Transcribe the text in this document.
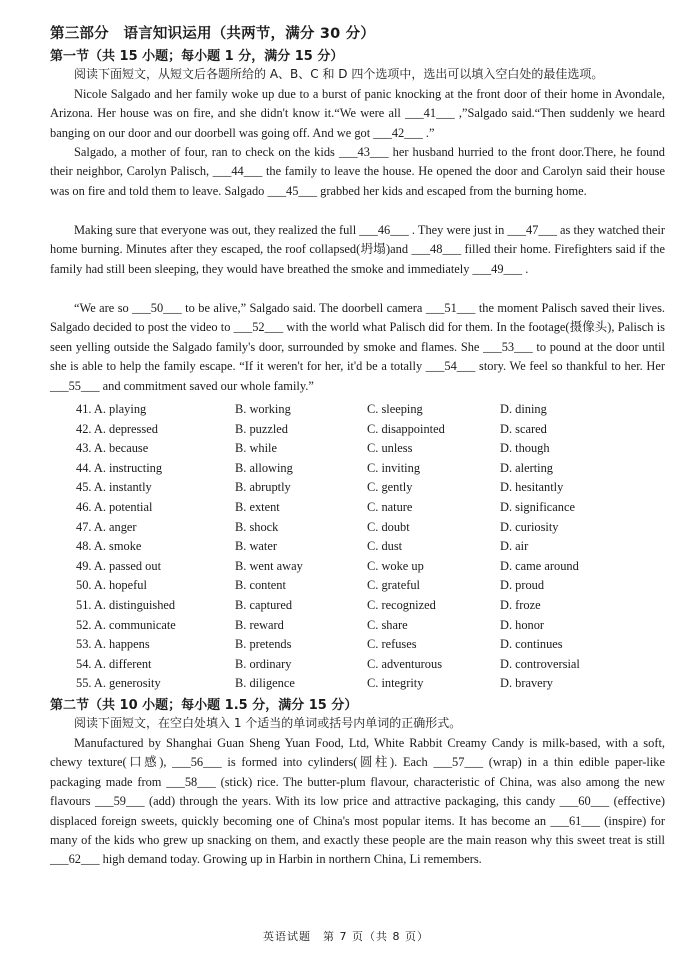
第三部分　语言知识运用（共两节，满分 30 分）
第一节（共 15 小题；每小题 1 分，满分 15 分）

阅读下面短文，从短文后各题所给的 A、B、C 和 D 四个选项中，选出可以填入空白处的最佳选项。

Nicole Salgado and her family woke up due to a burst of panic knocking at the front door of their home in Avondale, Arizona. Her house was on fire, and she didn't know it.“We were all ___41___ ,”Salgado said.“Then suddenly we heard banging on our door and our doorbell was going off. And we got ___42___ .”

Salgado, a mother of four, ran to check on the kids ___43___ her husband hurried to the front door.There, he found their neighbor, Carolyn Palisch, ___44___ the family to leave the house. He opened the door and Carolyn said their house was on fire and told them to leave. Salgado ___45___ grabbed her kids and escaped from the burning home.

Making sure that everyone was out, they realized the full ___46___ . They were just in ___47___ as they watched their home burning. Minutes after they escaped, the roof collapsed(坍塌)and ___48___ filled their home. Firefighters said if the family had still been sleeping, they would have breathed the smoke and immediately ___49___ .

“We are so ___50___ to be alive,” Salgado said. The doorbell camera ___51___ the moment Palisch saved their lives. Salgado decided to post the video to ___52___ with the world what Palisch did for them. In the footage(摄像头), Palisch is seen yelling outside the Salgado family's door, surrounded by smoke and flames. She ___53___ to pound at the door until she is able to help the family escape. “If it weren't for her, it'd be a totally ___54___ story. We feel so thankful to her. Her ___55___ and commitment saved our whole family.”

41. A. playing	B. working	C. sleeping	D. dining
42. A. depressed	B. puzzled	C. disappointed	D. scared
43. A. because	B. while	C. unless	D. though
44. A. instructing	B. allowing	C. inviting	D. alerting
45. A. instantly	B. abruptly	C. gently	D. hesitantly
46. A. potential	B. extent	C. nature	D. significance
47. A. anger	B. shock	C. doubt	D. curiosity
48. A. smoke	B. water	C. dust	D. air
49. A. passed out	B. went away	C. woke up	D. came around
50. A. hopeful	B. content	C. grateful	D. proud
51. A. distinguished	B. captured	C. recognized	D. froze
52. A. communicate	B. reward	C. share	D. honor
53. A. happens	B. pretends	C. refuses	D. continues
54. A. different	B. ordinary	C. adventurous	D. controversial
55. A. generosity	B. diligence	C. integrity	D. bravery
第二节（共 10 小题；每小题 1.5 分，满分 15 分）

阅读下面短文，在空白处填入 1 个适当的单词或括号内单词的正确形式。

Manufactured by Shanghai Guan Sheng Yuan Food, Ltd, White Rabbit Creamy Candy is milk-based, with a soft, chewy texture(口感), ___56___ is formed into cylinders(圆柱). Each ___57___ (wrap) in a thin edible paper-like packaging made from ___58___ (stick) rice. The butter-plum flavour, characteristic of China, was also among the new flavours ___59___ (add) through the years. With its low price and attractive packaging, this candy ___60___ (effective) displaced foreign sweets, quickly becoming one of China's most popular items. It has become an ___61___ (inspire) for many of the kids who grew up snacking on them, and exactly these people are the main reason why this sweet treat is still ___62___ high demand today. Growing up in Harbin in northern China, Li remembers.

英语试题　第 7 页（共 8 页）
